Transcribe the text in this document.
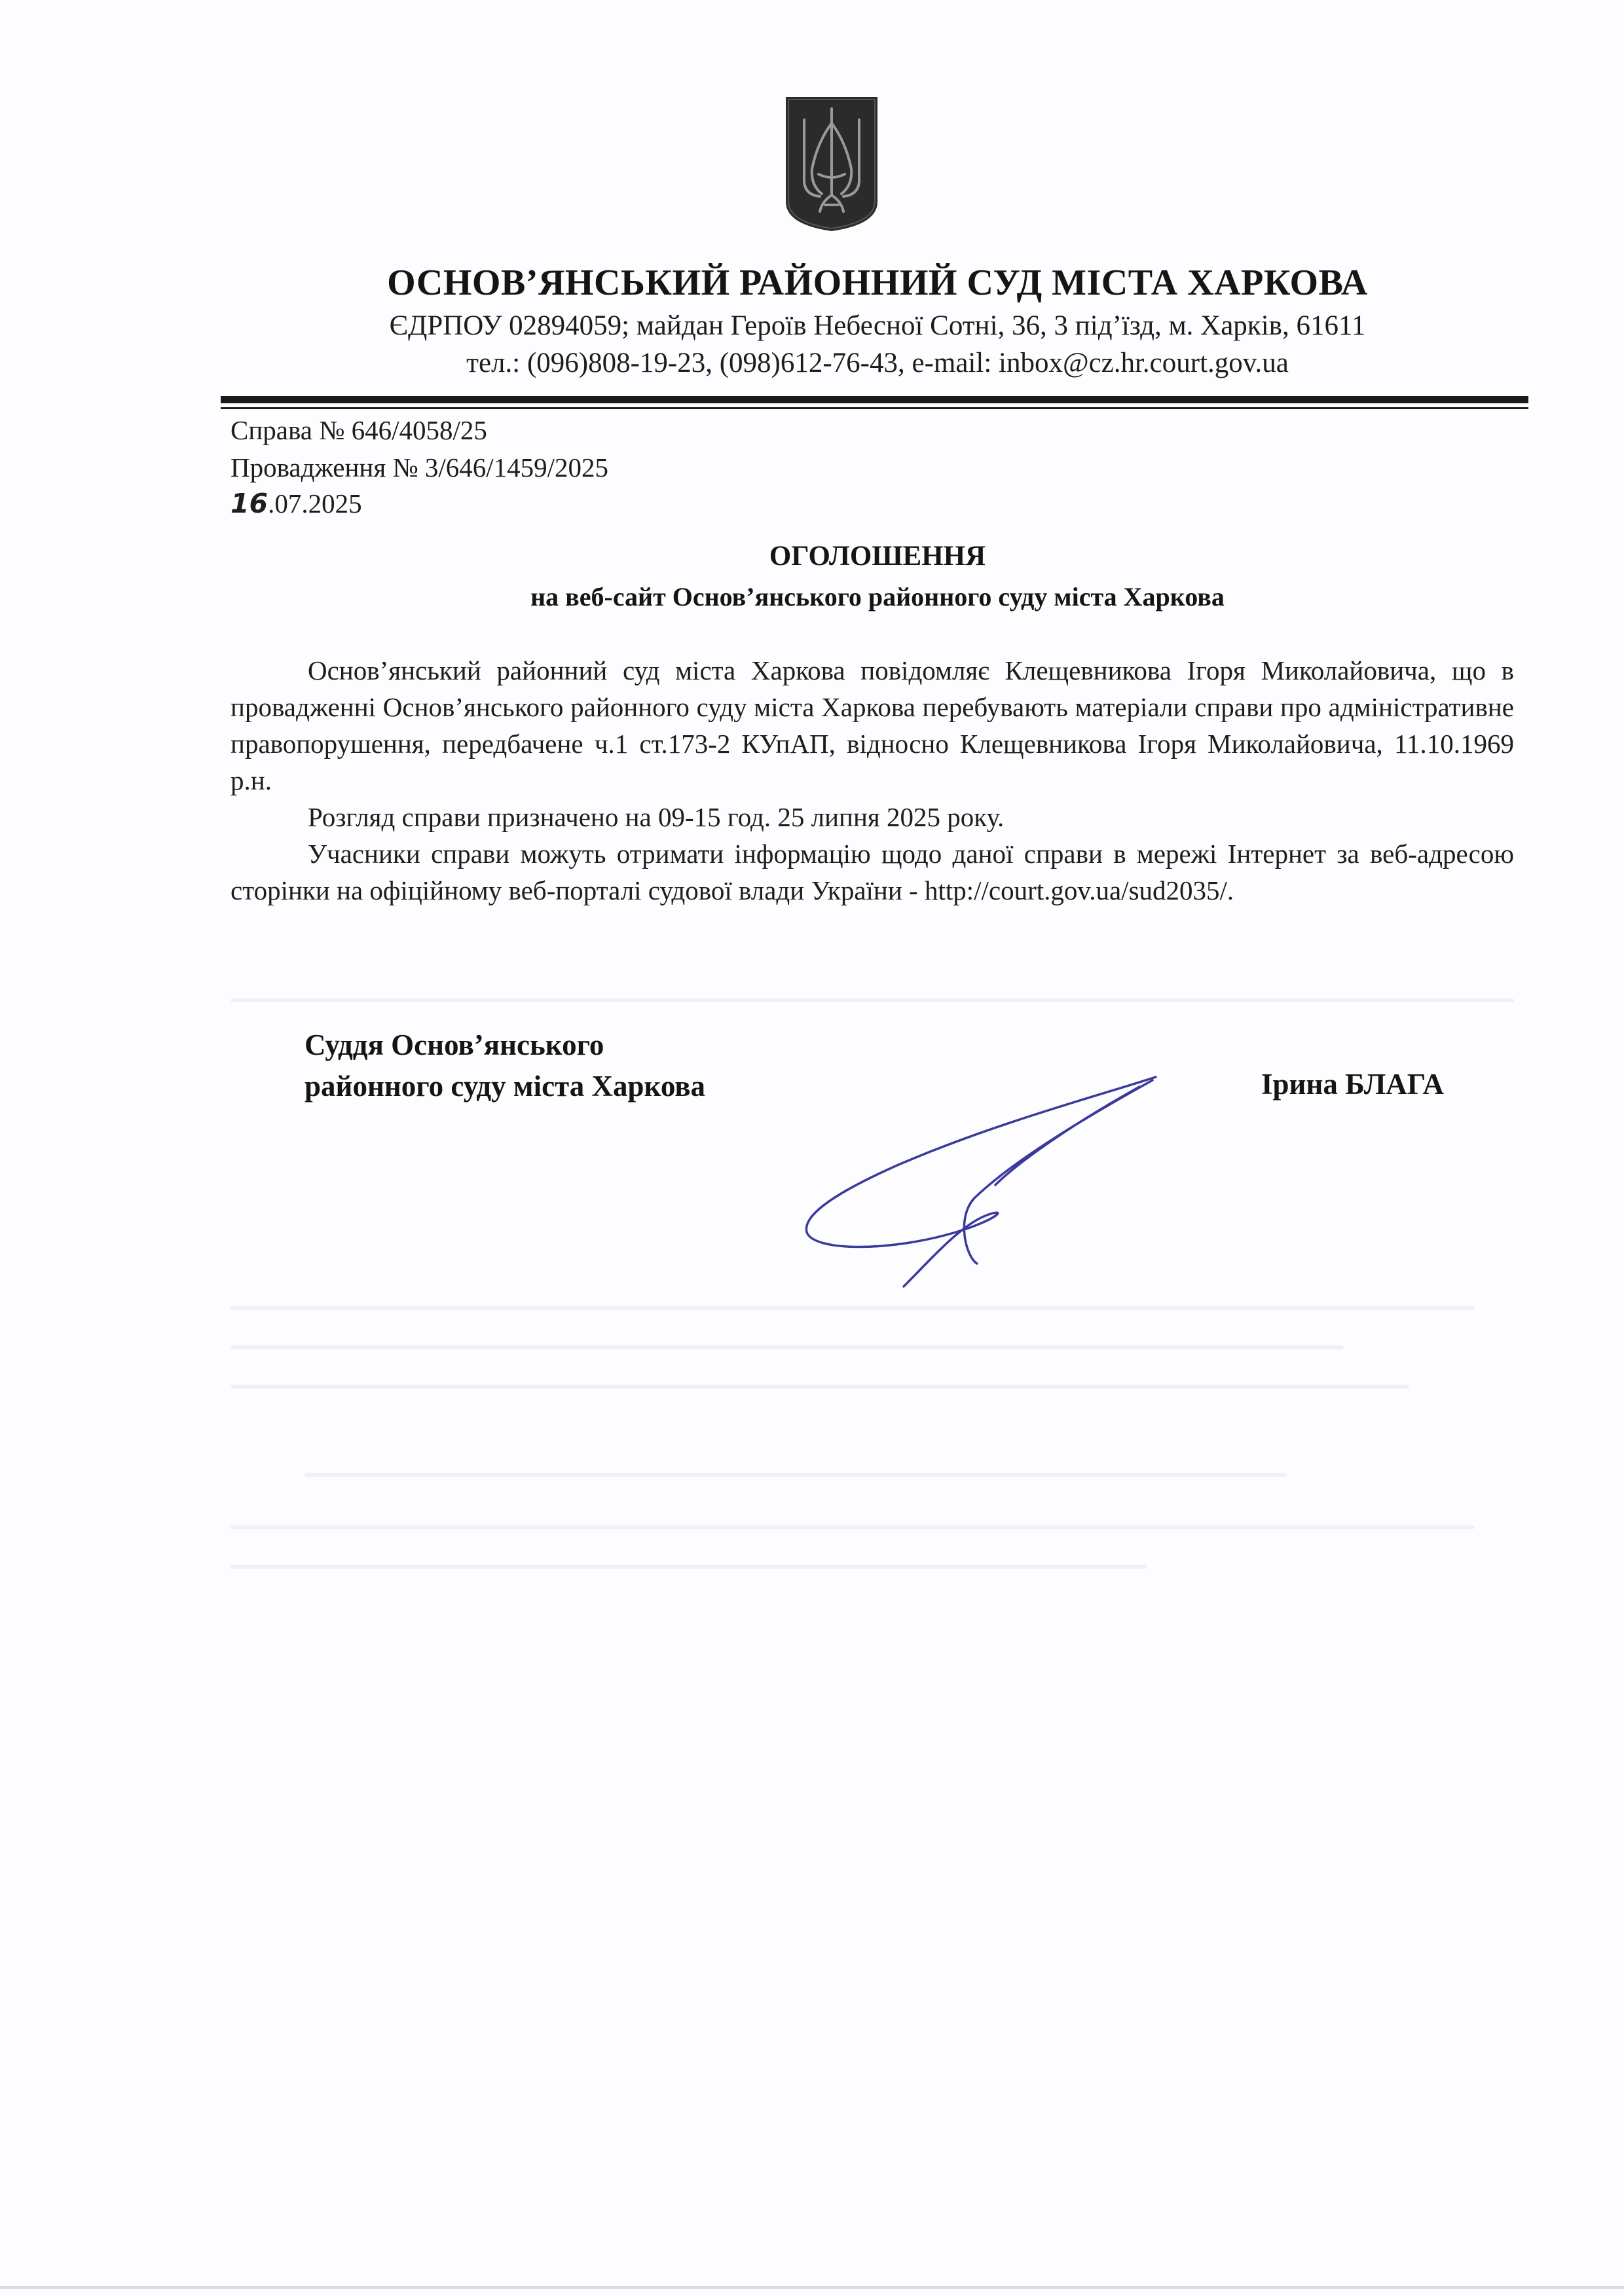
ОСНОВ’ЯНСЬКИЙ РАЙОННИЙ СУД МІСТА ХАРКОВА
ЄДРПОУ 02894059; майдан Героїв Небесної Сотні, 36, 3 під’їзд, м. Харків, 61611
тел.: (096)808-19-23, (098)612-76-43, e-mail: inbox@cz.hr.court.gov.ua
Справа № 646/4058/25
Провадження № 3/646/1459/2025
16.07.2025
ОГОЛОШЕННЯ
на веб-сайт Основ’янського районного суду міста Харкова

Основ’янський районний суд міста Харкова повідомляє Клещевникова Ігоря Миколайовича, що в провадженні Основ’янського районного суду міста Харкова перебувають матеріали справи про адміністративне правопорушення, передбачене ч.1 ст.173-2 КУпАП, відносно Клещевникова Ігоря Миколайовича, 11.10.1969 р.н.

Розгляд справи призначено на 09-15 год. 25 липня 2025 року.

Учасники справи можуть отримати інформацію щодо даної справи в мережі Інтернет за веб-адресою сторінки на офіційному веб-порталі судової влади України - http://court.gov.ua/sud2035/.

Суддя Основ’янського
районного суду міста Харкова	Ірина БЛАГА
